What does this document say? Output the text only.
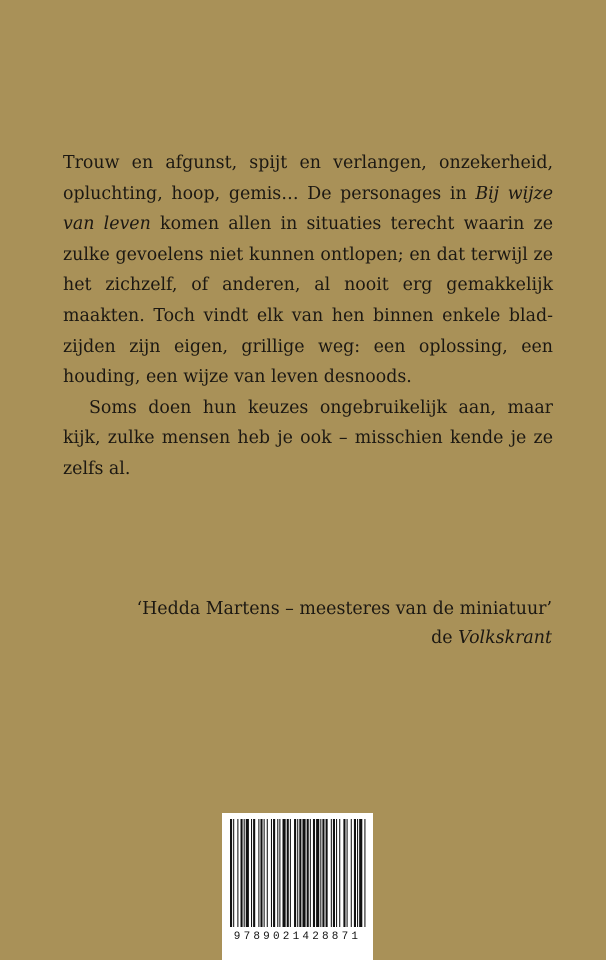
Trouw en afgunst, spijt en verlangen, onzekerheid, opluchting, hoop, gemis… De personages in Bij wijze van leven komen allen in situaties terecht waarin ze zulke gevoelens niet kunnen ontlopen; en dat terwijl ze het zichzelf, of anderen, al nooit erg gemakkelijk maakten. Toch vindt elk van hen binnen enkele bladzijden zijn eigen, grillige weg: een oplossing, een houding, een wijze van leven desnoods.

Soms doen hun keuzes ongebruikelijk aan, maar kijk, zulke mensen heb je ook – misschien kende je ze zelfs al.

‘Hedda Martens – meesteres van de miniatuur’
de Volkskrant
9789021428871
